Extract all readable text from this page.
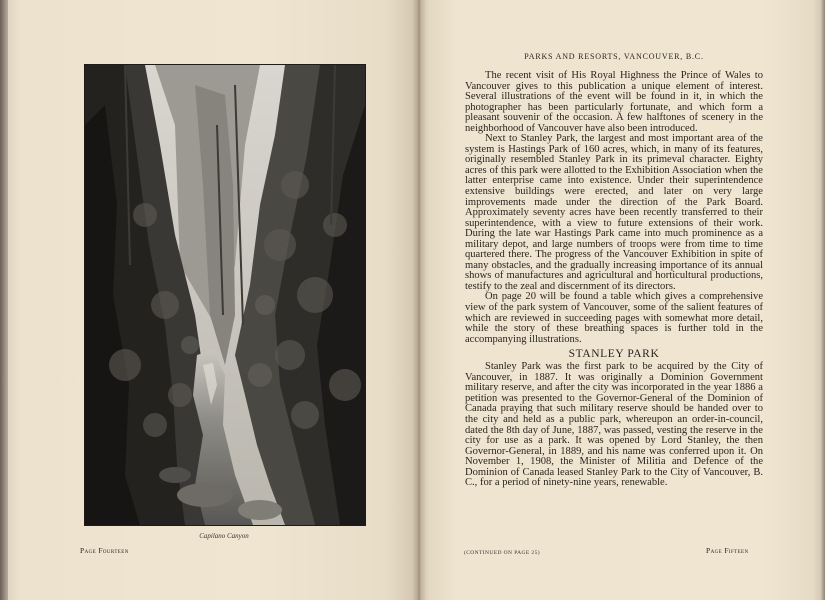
Capilano Canyon
Page Fourteen
PARKS AND RESORTS, VANCOUVER, B.C.

The recent visit of His Royal Highness the Prince of Wales to Vancouver gives to this publication a unique element of interest. Several illustrations of the event will be found in it, in which the photographer has been particularly fortunate, and which form a pleasant souvenir of the occasion. A few halftones of scenery in the neighborhood of Vancouver have also been introduced.

Next to Stanley Park, the largest and most important area of the system is Hastings Park of 160 acres, which, in many of its features, originally resembled Stanley Park in its primeval character. Eighty acres of this park were allotted to the Exhibition Association when the latter enterprise came into existence. Under their superintendence extensive buildings were erected, and later on very large improvements made under the direction of the Park Board. Approximately seventy acres have been recently transferred to their superintendence, with a view to future extensions of their work. During the late war Hastings Park came into much prominence as a military depot, and large numbers of troops were from time to time quartered there. The progress of the Vancouver Exhibition in spite of many obstacles, and the gradually increasing importance of its annual shows of manufactures and agricultural and horticultural productions, testify to the zeal and discernment of its directors.

On page 20 will be found a table which gives a comprehensive view of the park system of Vancouver, some of the salient features of which are reviewed in succeeding pages with somewhat more detail, while the story of these breathing spaces is further told in the accompanying illustrations.

STANLEY PARK

Stanley Park was the first park to be acquired by the City of Vancouver, in 1887. It was originally a Dominion Government military reserve, and after the city was incorporated in the year 1886 a petition was presented to the Governor-General of the Dominion of Canada praying that such military reserve should be handed over to the city and held as a public park, whereupon an order-in-council, dated the 8th day of June, 1887, was passed, vesting the reserve in the city for use as a park. It was opened by Lord Stanley, the then Governor-General, in 1889, and his name was conferred upon it. On November 1, 1908, the Minister of Militia and Defence of the Dominion of Canada leased Stanley Park to the City of Vancouver, B. C., for a period of ninety-nine years, renewable.

(CONTINUED ON PAGE 25)	Page Fifteen
